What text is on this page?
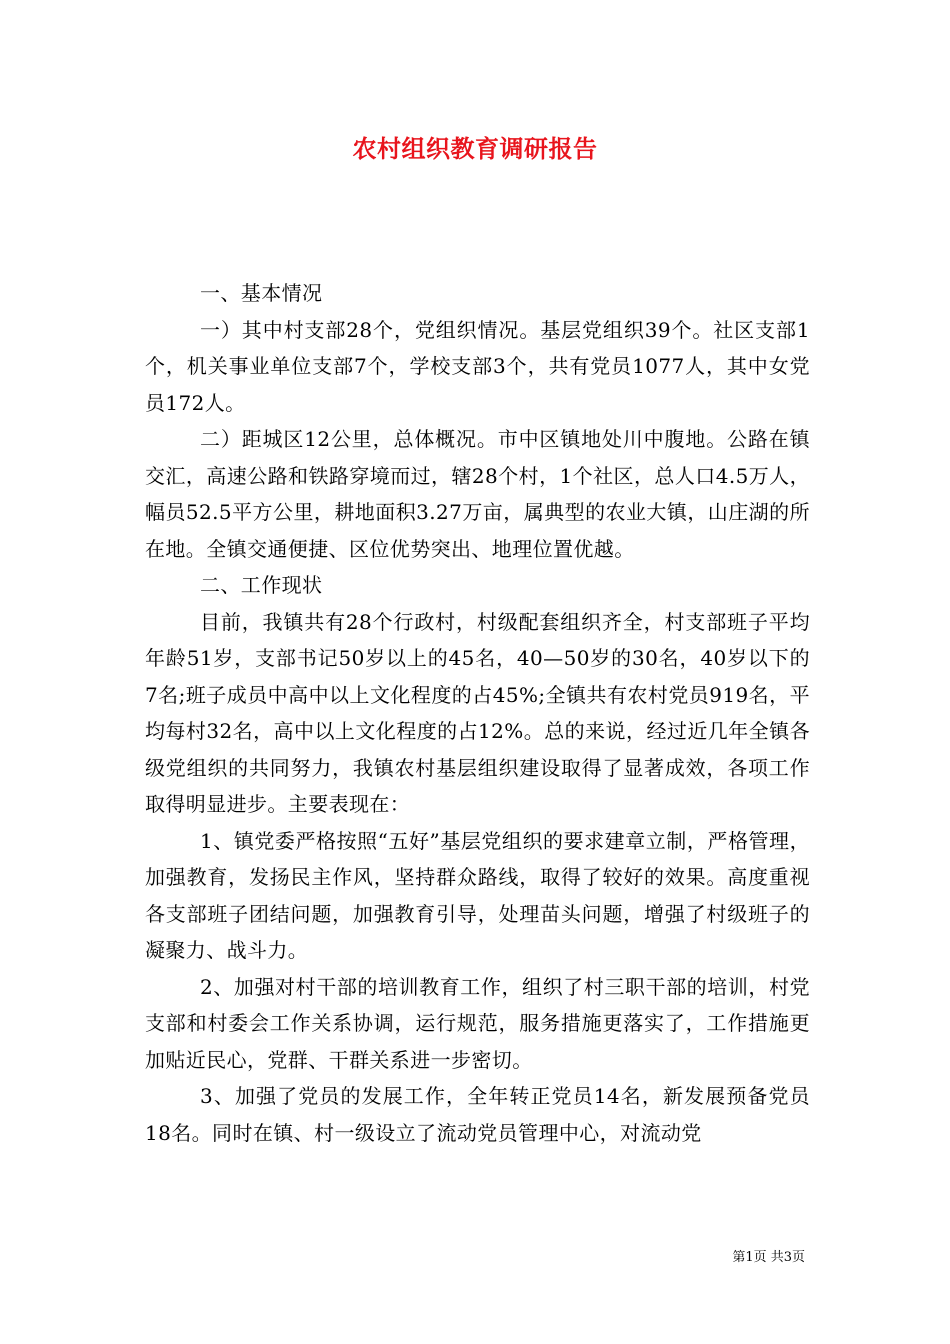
农村组织教育调研报告

一、基本情况

一）其中村支部28个，党组织情况。基层党组织39个。社区支部1个，机关事业单位支部7个，学校支部3个，共有党员1077人，其中女党员172人。

二）距城区12公里，总体概况。市中区镇地处川中腹地。公路在镇交汇，高速公路和铁路穿境而过，辖28个村，1个社区，总人口4.5万人，幅员52.5平方公里，耕地面积3.27万亩，属典型的农业大镇，山庄湖的所在地。全镇交通便捷、区位优势突出、地理位置优越。

二、工作现状

目前，我镇共有28个行政村，村级配套组织齐全，村支部班子平均年龄51岁，支部书记50岁以上的45名，40—50岁的30名，40岁以下的7名;班子成员中高中以上文化程度的占45%;全镇共有农村党员919名，平均每村32名，高中以上文化程度的占12%。总的来说，经过近几年全镇各级党组织的共同努力，我镇农村基层组织建设取得了显著成效，各项工作取得明显进步。主要表现在：

1、镇党委严格按照“五好”基层党组织的要求建章立制，严格管理，加强教育，发扬民主作风，坚持群众路线，取得了较好的效果。高度重视各支部班子团结问题，加强教育引导，处理苗头问题，增强了村级班子的凝聚力、战斗力。

2、加强对村干部的培训教育工作，组织了村三职干部的培训，村党支部和村委会工作关系协调，运行规范，服务措施更落实了，工作措施更加贴近民心，党群、干群关系进一步密切。

3、加强了党员的发展工作，全年转正党员14名，新发展预备党员18名。同时在镇、村一级设立了流动党员管理中心，对流动党

第1页 共3页
